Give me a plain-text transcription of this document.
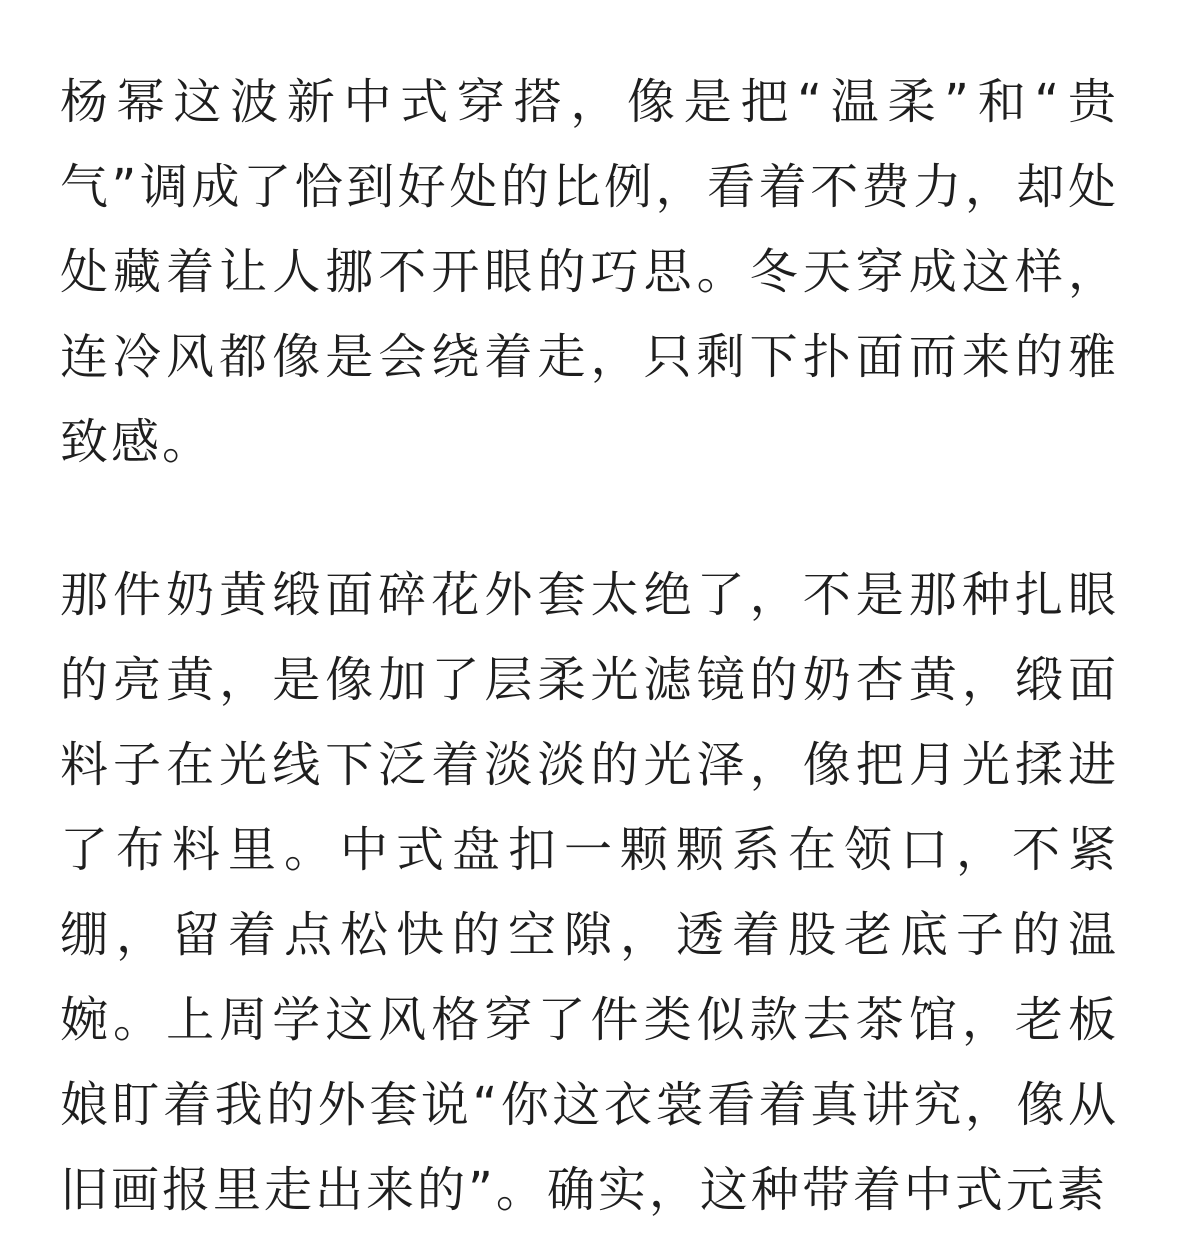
杨幂这波新中式穿搭，像是把“温柔”和“贵气”调成了恰到好处的比例，看着不费力，却处处藏着让人挪不开眼的巧思。冬天穿成这样，连冷风都像是会绕着走，只剩下扑面而来的雅致感。

那件奶黄缎面碎花外套太绝了，不是那种扎眼的亮黄，是像加了层柔光滤镜的奶杏黄，缎面料子在光线下泛着淡淡的光泽，像把月光揉进了布料里。中式盘扣一颗颗系在领口，不紧绷，留着点松快的空隙，透着股老底子的温婉。上周学这风格穿了件类似款去茶馆，老板娘盯着我的外套说“你这衣裳看着真讲究，像从旧画报里走出来的”。确实，这种带着中式元素
